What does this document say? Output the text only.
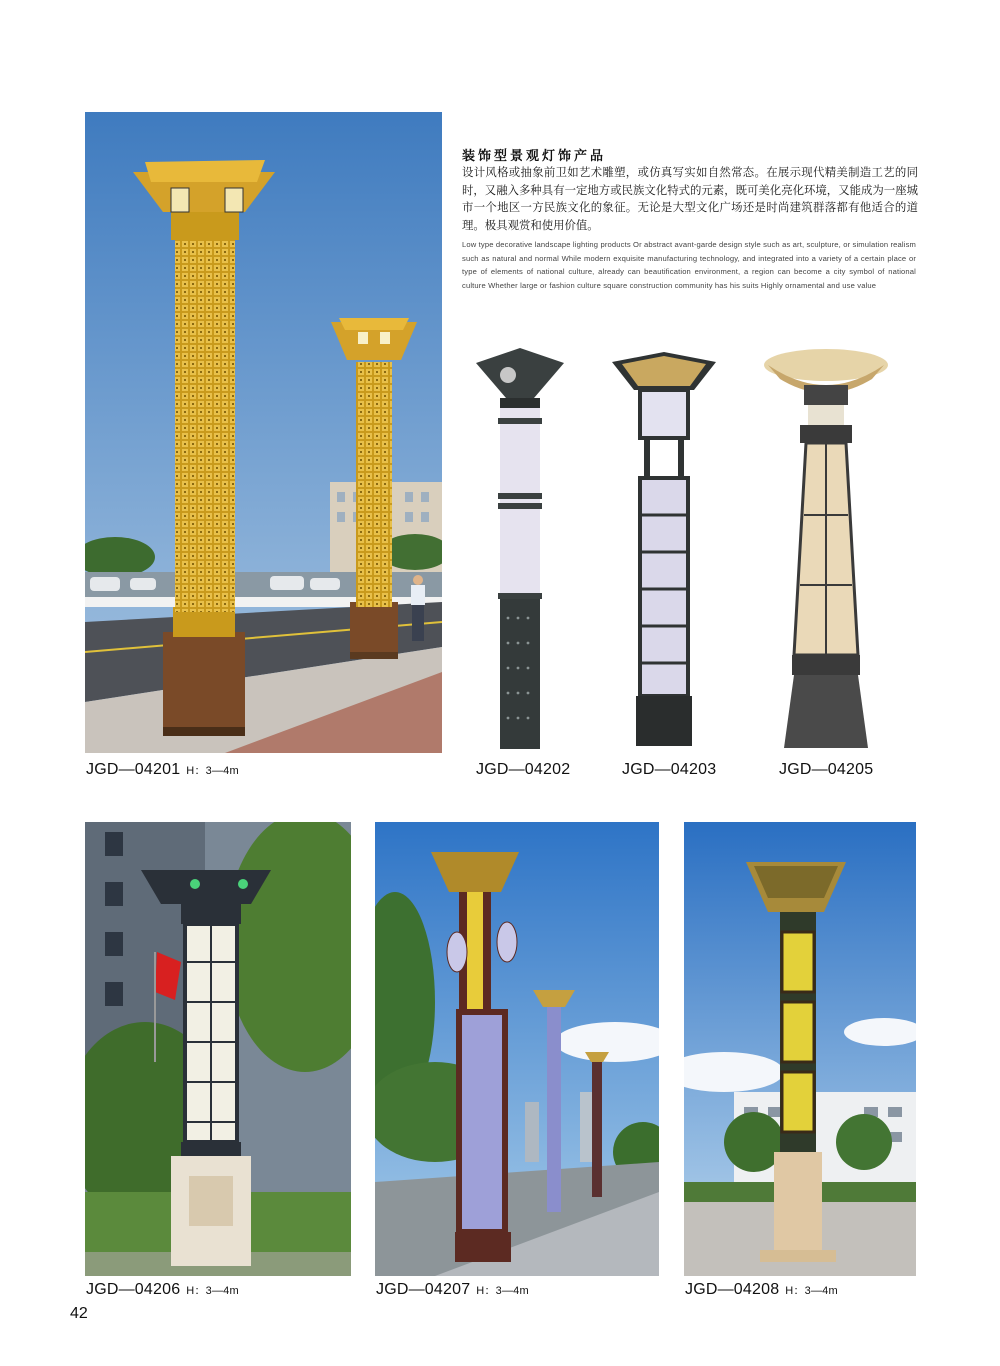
装饰型景观灯饰产品
设计风格或抽象前卫如艺术雕塑，或仿真写实如自然常态。在展示现代精美制造工艺的同时，又融入多种具有一定地方或民族文化特式的元素，既可美化亮化环境，又能成为一座城市一个地区一方民族文化的象征。无论是大型文化广场还是时尚建筑群落都有他适合的道理。极具观赏和使用价值。
Low type decorative landscape lighting products Or abstract avant-garde design style such as art, sculpture, or simulation realism such as natural and normal While modern exquisite manufacturing technology, and integrated into a variety of a certain place or type of elements of national culture, already can beautification environment, a region can become a city symbol of national culture Whether large or fashion culture square construction community has his suits Highly ornamental and use value
JGD—04201 H：3—4m	JGD—04202	JGD—04203	JGD—04205
JGD—04206 H：3—4m	JGD—04207 H：3—4m	JGD—04208 H：3—4m
42
